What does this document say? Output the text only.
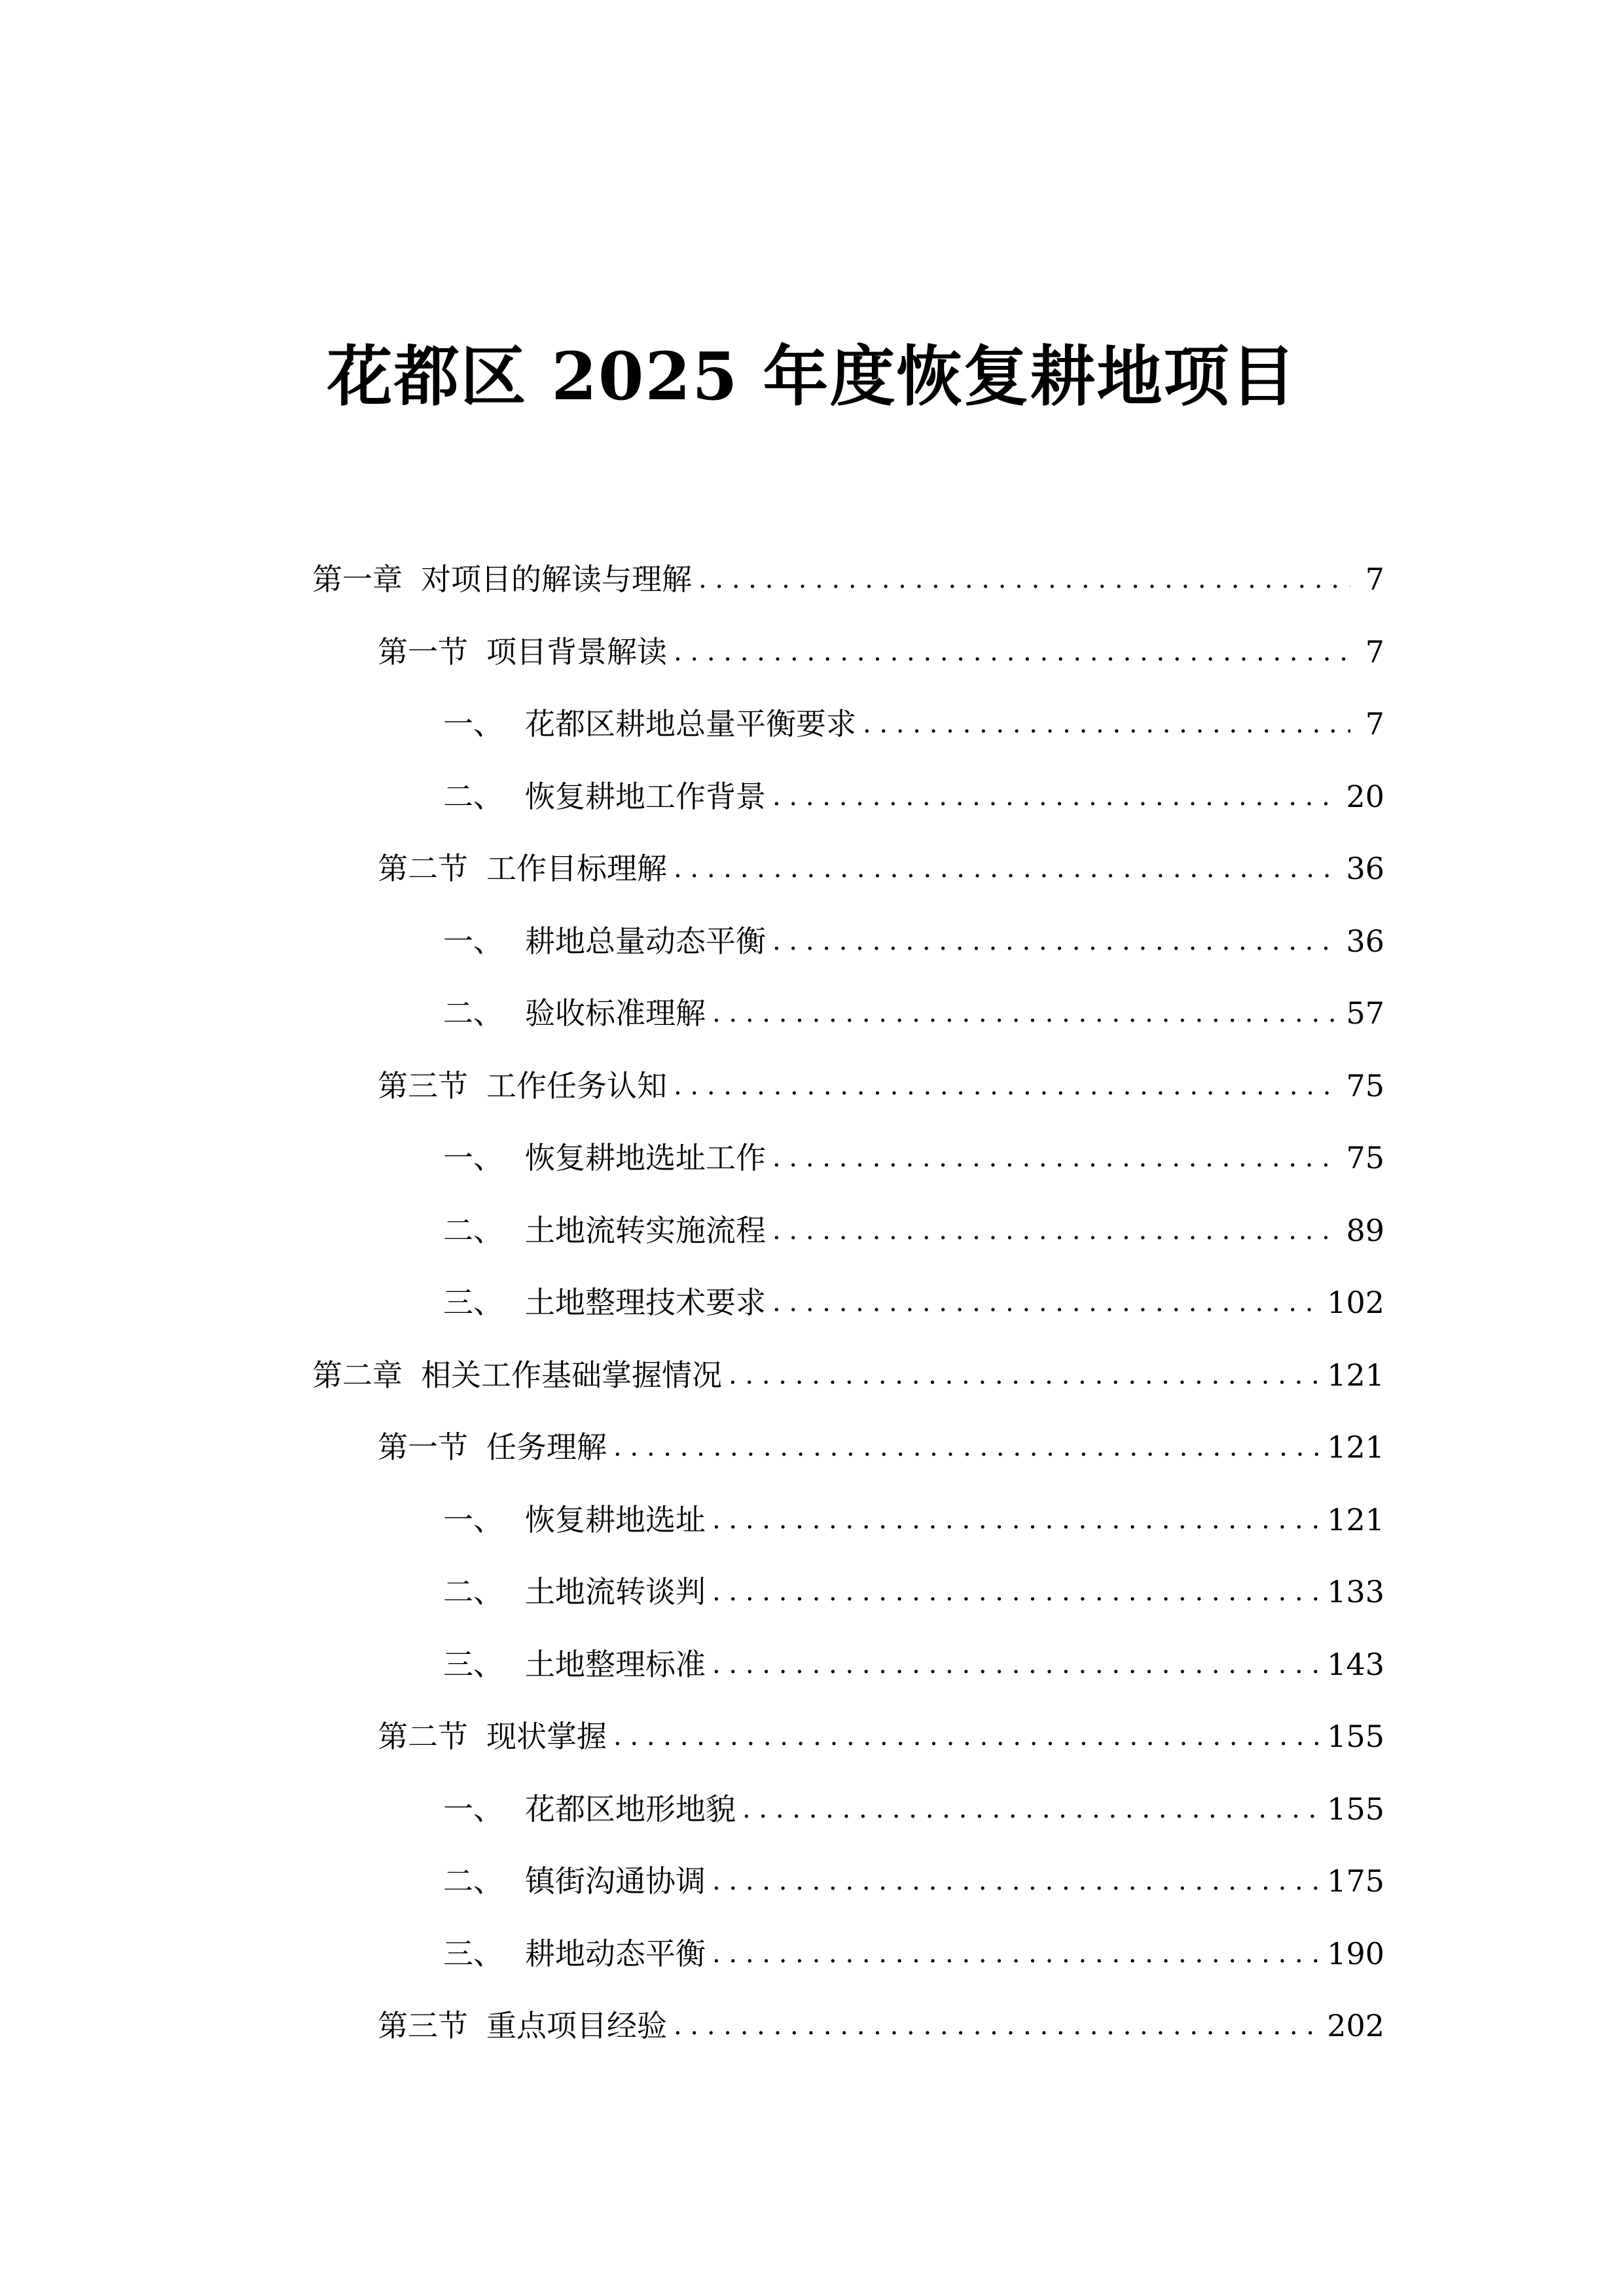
花都区 2025 年度恢复耕地项目
第一章 对项目的解读与理解 . . .	7
第一节 项目背景解读 . . .	7
一、 花都区耕地总量平衡要求 . . .	7
二、 恢复耕地工作背景 . . .	20
第二节 工作目标理解 . . .	36
一、 耕地总量动态平衡 . . .	36
二、 验收标准理解 . . .	57
第三节 工作任务认知 . . .	75
一、 恢复耕地选址工作 . . .	75
二、 土地流转实施流程 . . .	89
三、 土地整理技术要求 . . .	102
第二章 相关工作基础掌握情况 . . .	121
第一节 任务理解 . . .	121
一、 恢复耕地选址 . . .	121
二、 土地流转谈判 . . .	133
三、 土地整理标准 . . .	143
第二节 现状掌握 . . .	155
一、 花都区地形地貌 . . .	155
二、 镇街沟通协调 . . .	175
三、 耕地动态平衡 . . .	190
第三节 重点项目经验 . . .	202
